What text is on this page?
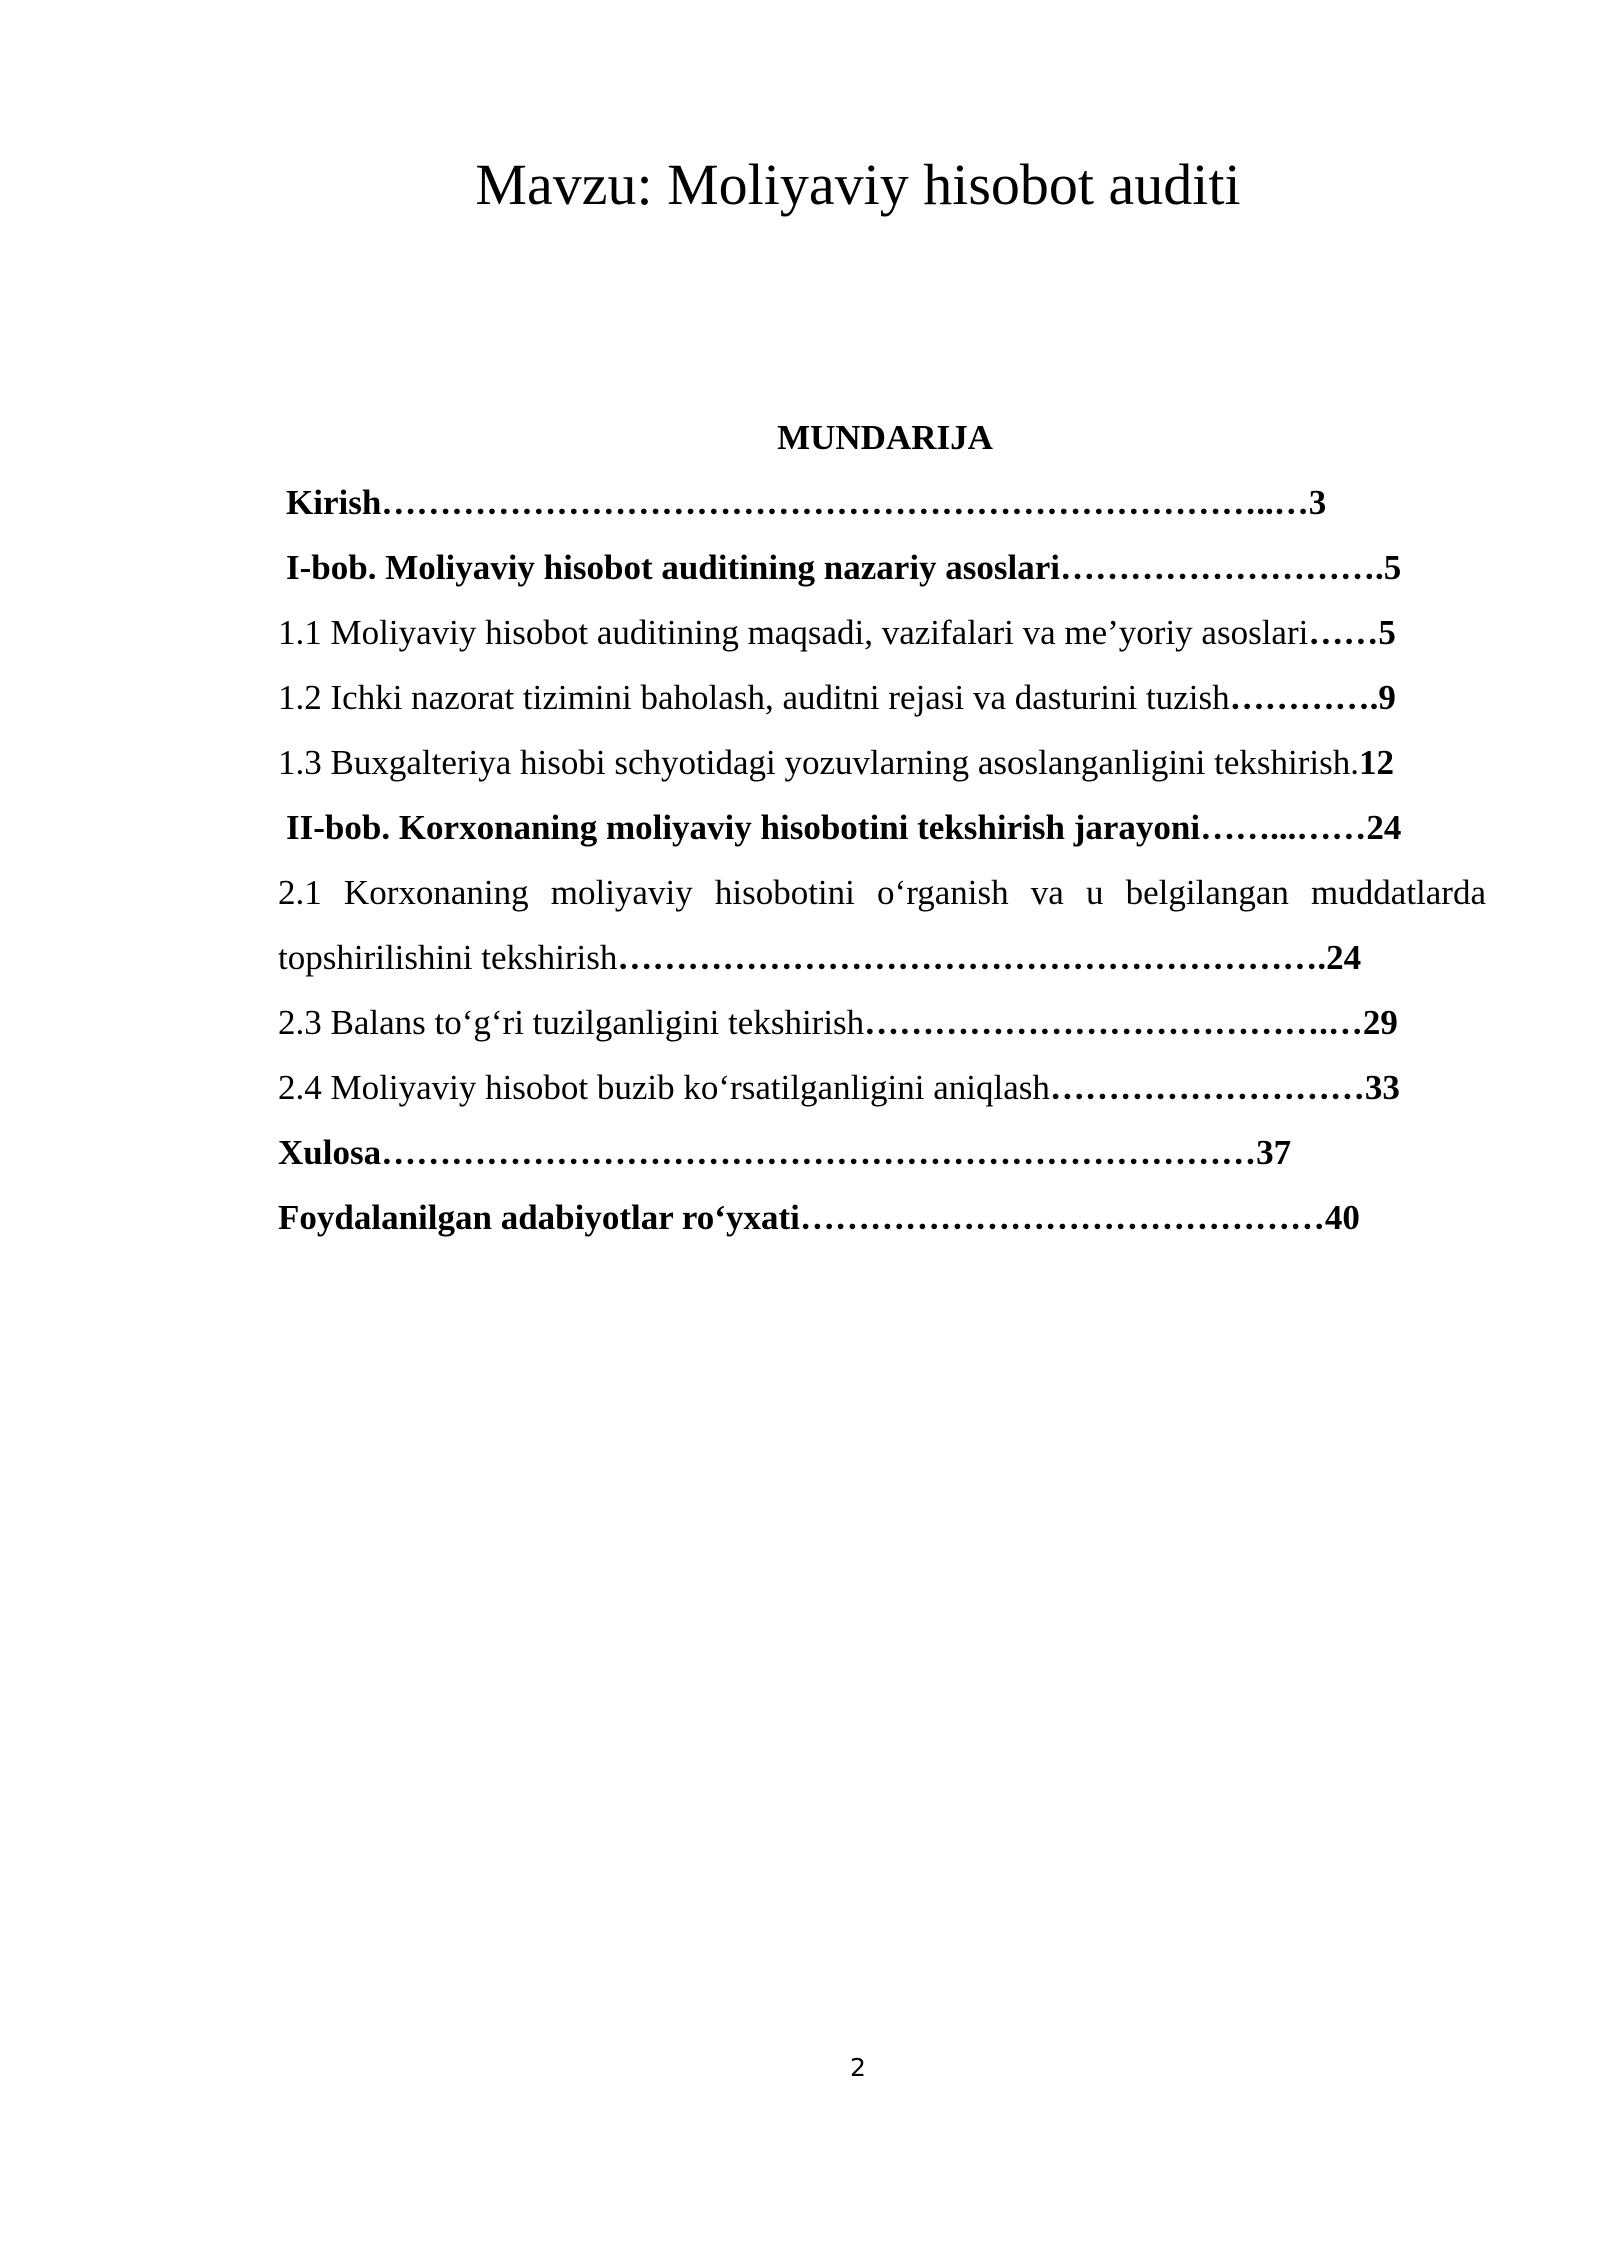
Mavzu: Moliyaviy hisobot auditi
MUNDARIJA
Kirish…………………………………………………………………..…3
I-bob. Moliyaviy hisobot auditining nazariy asoslari……………………….5
1.1 Moliyaviy hisobot auditining maqsadi, vazifalari va me’yoriy asoslari……5
1.2 Ichki nazorat tizimini baholash, auditni rejasi va dasturini tuzish………….9
1.3 Buxgalteriya hisobi schyotidagi yozuvlarning asoslanganligini tekshirish.12
II-bob. Korxonaning moliyaviy hisobotini tekshirish jarayoni……...……24
2.1 Korxonaning moliyaviy hisobotini o‘rganish va u belgilangan muddatlarda
topshirilishini tekshirish…………………………………………………….24
2.3 Balans to‘g‘ri tuzilganligini tekshirish………………………………….…29
2.4 Moliyaviy hisobot buzib ko‘rsatilganligini aniqlash………………………33
Xulosa…………………………………………………………………37
Foydalanilgan adabiyotlar ro‘yxati………………………………………40
2
